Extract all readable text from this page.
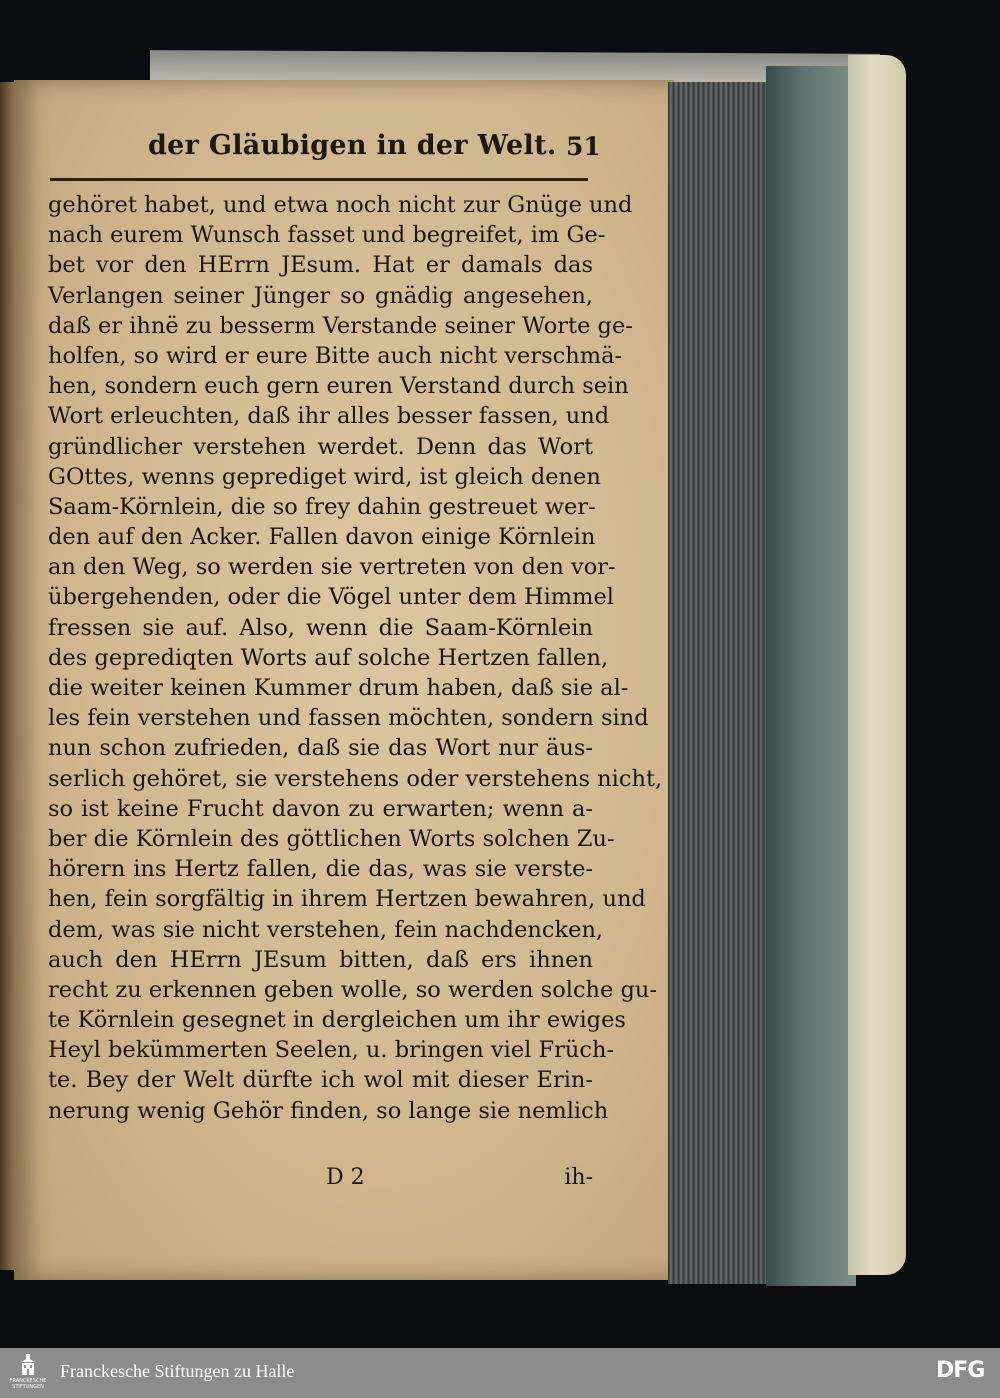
der Gläubigen in der Welt. 51
gehöret habet, und etwa noch nicht zur Gnüge und
nach eurem Wunsch fasset und begreifet, im Ge-
bet vor den HErrn JEsum. Hat er damals das
Verlangen seiner Jünger so gnädig angesehen,
daß er ihnë zu besserm Verstande seiner Worte ge-
holfen, so wird er eure Bitte auch nicht verschmä-
hen, sondern euch gern euren Verstand durch sein
Wort erleuchten, daß ihr alles besser fassen, und
gründlicher verstehen werdet. Denn das Wort
GOttes, wenns geprediget wird, ist gleich denen
Saam-Körnlein, die so frey dahin gestreuet wer-
den auf den Acker. Fallen davon einige Körnlein
an den Weg, so werden sie vertreten von den vor-
übergehenden, oder die Vögel unter dem Himmel
fressen sie auf. Also, wenn die Saam-Körnlein
des geprediqten Worts auf solche Hertzen fallen,
die weiter keinen Kummer drum haben, daß sie al-
les fein verstehen und fassen möchten, sondern sind
nun schon zufrieden, daß sie das Wort nur äus-
serlich gehöret, sie verstehens oder verstehens nicht,
so ist keine Frucht davon zu erwarten; wenn a-
ber die Körnlein des göttlichen Worts solchen Zu-
hörern ins Hertz fallen, die das, was sie verste-
hen, fein sorgfältig in ihrem Hertzen bewahren, und
dem, was sie nicht verstehen, fein nachdencken,
auch den HErrn JEsum bitten, daß ers ihnen
recht zu erkennen geben wolle, so werden solche gu-
te Körnlein gesegnet in dergleichen um ihr ewiges
Heyl bekümmerten Seelen, u. bringen viel Früch-
te. Bey der Welt dürfte ich wol mit dieser Erin-
nerung wenig Gehör finden, so lange sie nemlich
D 2	ih-
FRANCKESCHE
STIFTUNGEN
Franckesche Stiftungen zu Halle	DFG
